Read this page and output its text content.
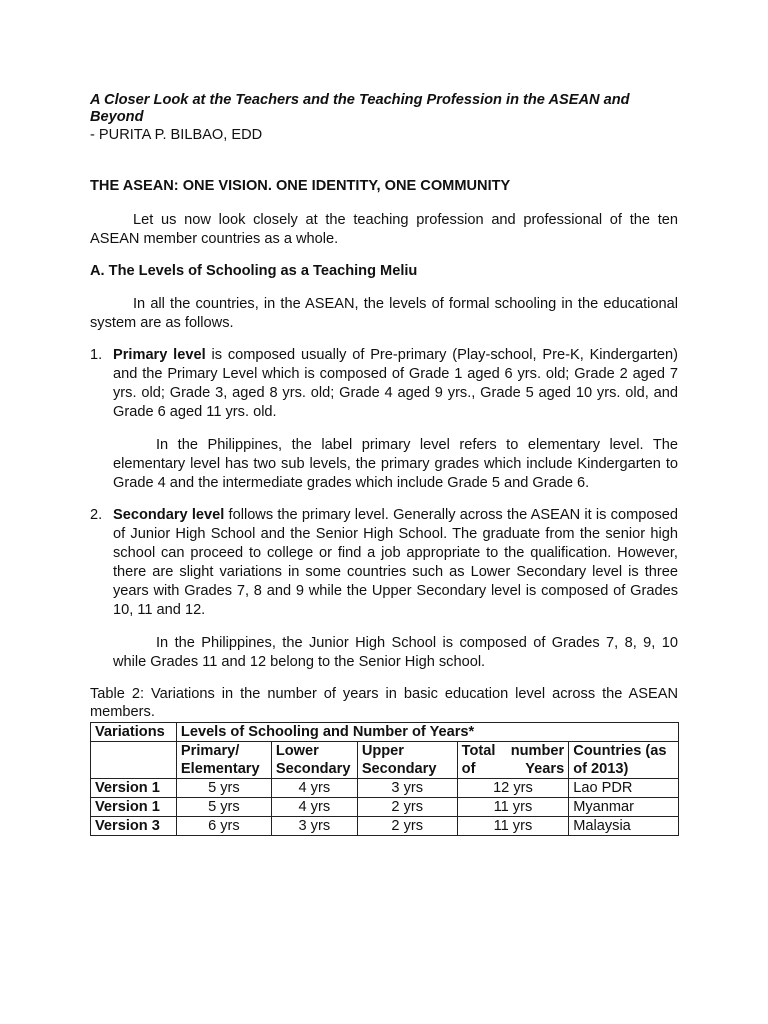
A Closer Look at the Teachers and the Teaching Profession in the ASEAN and Beyond

- PURITA P. BILBAO, EDD

THE ASEAN: ONE VISION. ONE IDENTITY, ONE COMMUNITY

Let us now look closely at the teaching profession and professional of the ten ASEAN member countries as a whole.

A. The Levels of Schooling as a Teaching Meliu

In all the countries, in the ASEAN, the levels of formal schooling in the educational system are as follows.

1. Primary level is composed usually of Pre-primary (Play-school, Pre-K, Kindergarten) and the Primary Level which is composed of Grade 1 aged 6 yrs. old; Grade 2 aged 7 yrs. old; Grade 3, aged 8 yrs. old; Grade 4 aged 9 yrs., Grade 5 aged 10 yrs. old, and Grade 6 aged 11 yrs. old.

In the Philippines, the label primary level refers to elementary level. The elementary level has two sub levels, the primary grades which include Kindergarten to Grade 4 and the intermediate grades which include Grade 5 and Grade 6.

2. Secondary level follows the primary level. Generally across the ASEAN it is composed of Junior High School and the Senior High School. The graduate from the senior high school can proceed to college or find a job appropriate to the qualification. However, there are slight variations in some countries such as Lower Secondary level is three years with Grades 7, 8 and 9 while the Upper Secondary level is composed of Grades 10, 11 and 12.

In the Philippines, the Junior High School is composed of Grades 7, 8, 9, 10 while Grades 11 and 12 belong to the Senior High school.

Table 2: Variations in the number of years in basic education level across the ASEAN members.

Variations	Levels of Schooling and Number of Years*				
	Primary/ Elementary	Lower Secondary	Upper Secondary	Total number of Years	Countries (as of 2013)
Version 1	5 yrs	4 yrs	3 yrs	12 yrs	Lao PDR
Version 1	5 yrs	4 yrs	2 yrs	11 yrs	Myanmar
Version 3	6 yrs	3 yrs	2 yrs	11 yrs	Malaysia
